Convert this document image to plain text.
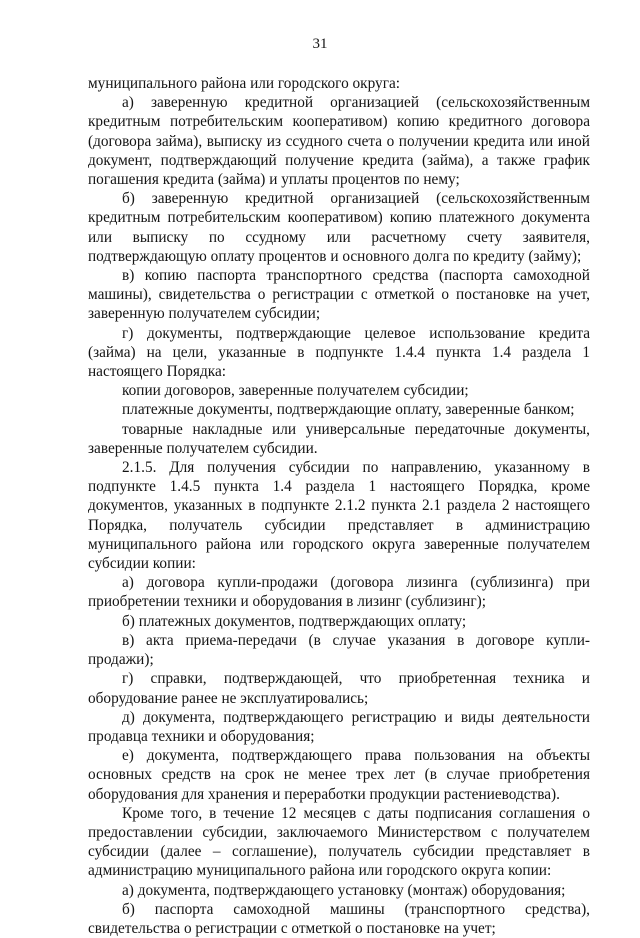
31

муниципального района или городского округа:

а) заверенную кредитной организацией (сельскохозяйственным кредитным потребительским кооперативом) копию кредитного договора (договора займа), выписку из ссудного счета о получении кредита или иной документ, подтверждающий получение кредита (займа), а также график погашения кредита (займа) и уплаты процентов по нему;

б) заверенную кредитной организацией (сельскохозяйственным кредитным потребительским кооперативом) копию платежного документа или выписку по ссудному или расчетному счету заявителя, подтверждающую оплату процентов и основного долга по кредиту (займу);

в) копию паспорта транспортного средства (паспорта самоходной машины), свидетельства о регистрации с отметкой о постановке на учет, заверенную получателем субсидии;

г) документы, подтверждающие целевое использование кредита (займа) на цели, указанные в подпункте 1.4.4 пункта 1.4 раздела 1 настоящего Порядка:

копии договоров, заверенные получателем субсидии;

платежные документы, подтверждающие оплату, заверенные банком;

товарные накладные или универсальные передаточные документы, заверенные получателем субсидии.

2.1.5. Для получения субсидии по направлению, указанному в подпункте 1.4.5 пункта 1.4 раздела 1 настоящего Порядка, кроме документов, указанных в подпункте 2.1.2 пункта 2.1 раздела 2 настоящего Порядка, получатель субсидии представляет в администрацию муниципального района или городского округа заверенные получателем субсидии копии:

а) договора купли-продажи (договора лизинга (сублизинга) при приобретении техники и оборудования в лизинг (сублизинг);

б) платежных документов, подтверждающих оплату;

в) акта приема-передачи (в случае указания в договоре купли-продажи);

г) справки, подтверждающей, что приобретенная техника и оборудование ранее не эксплуатировались;

д) документа, подтверждающего регистрацию и виды деятельности продавца техники и оборудования;

е) документа, подтверждающего права пользования на объекты основных средств на срок не менее трех лет (в случае приобретения оборудования для хранения и переработки продукции растениеводства).

Кроме того, в течение 12 месяцев с даты подписания соглашения о предоставлении субсидии, заключаемого Министерством с получателем субсидии (далее – соглашение), получатель субсидии представляет в администрацию муниципального района или городского округа копии:

а) документа, подтверждающего установку (монтаж) оборудования;

б) паспорта самоходной машины (транспортного средства), свидетельства о регистрации с отметкой о постановке на учет;
